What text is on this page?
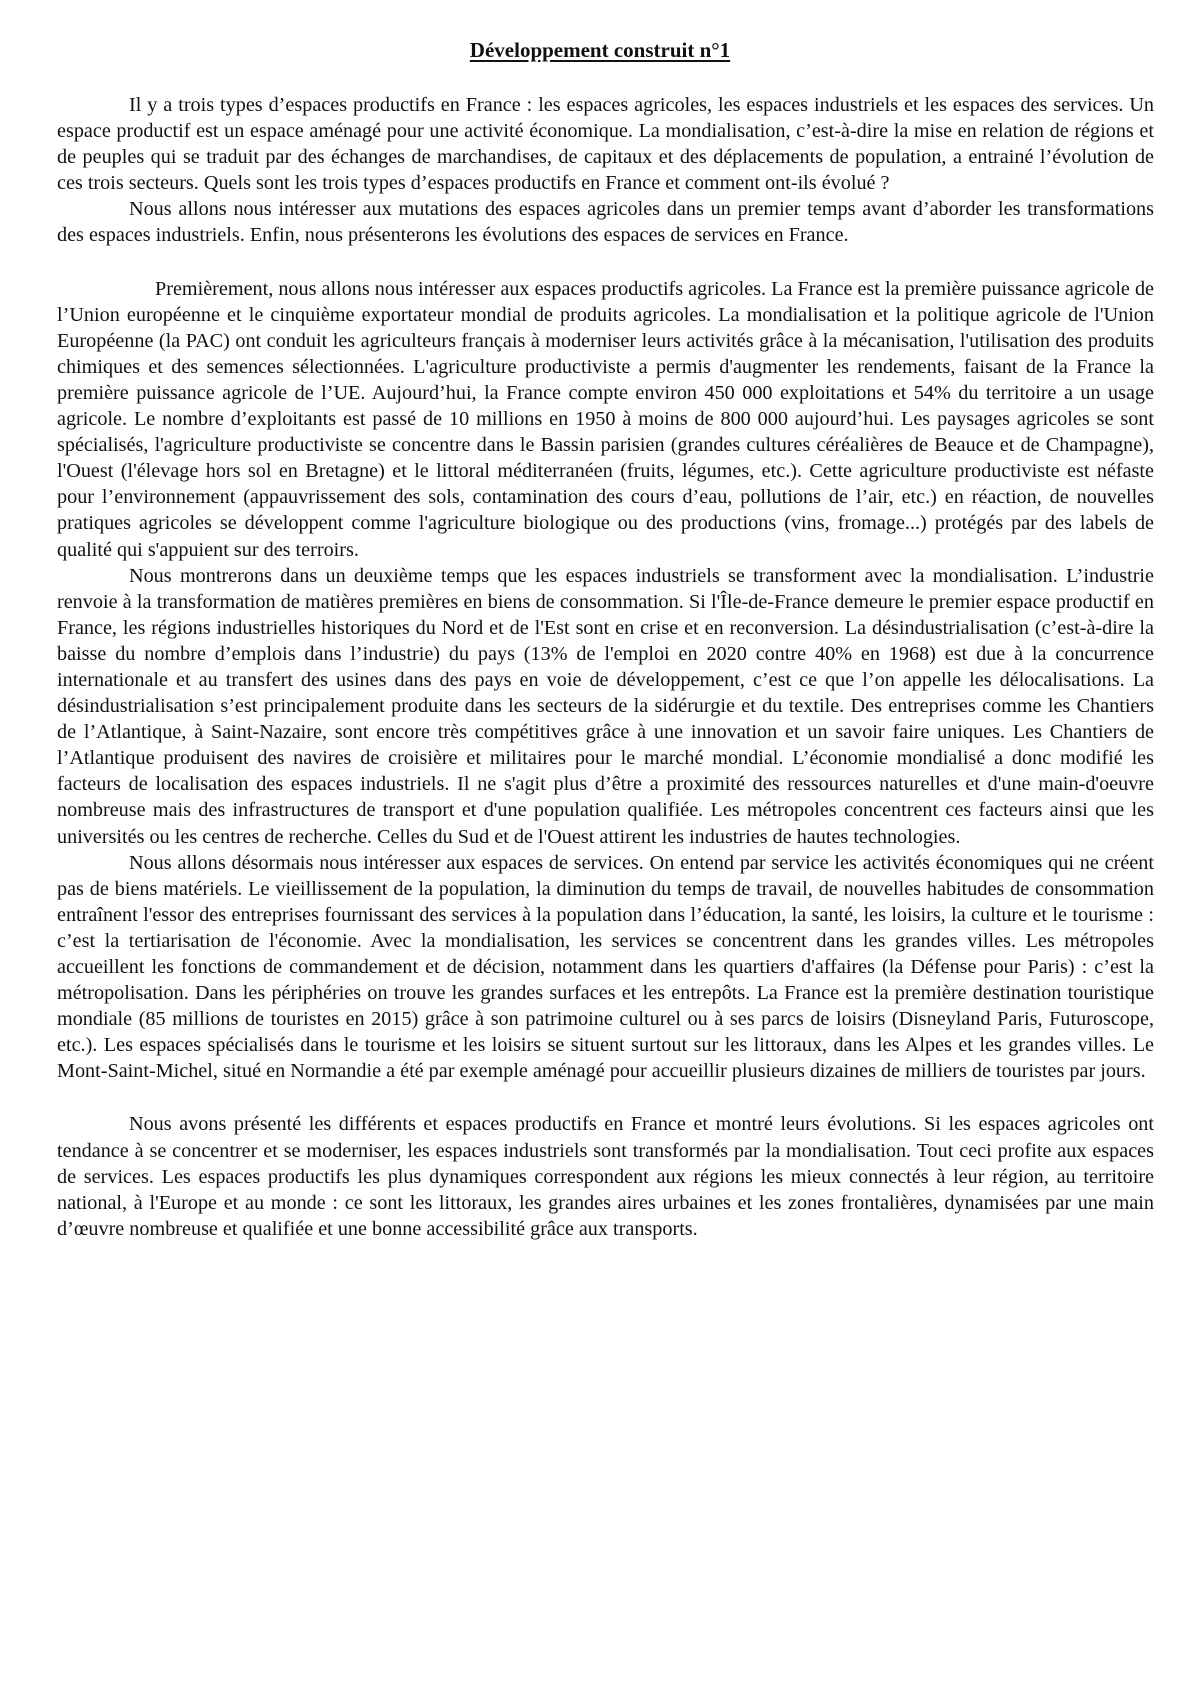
Développement construit n°1

Il y a trois types d’espaces productifs en France : les espaces agricoles, les espaces industriels et les espaces des services. Un espace productif est un espace aménagé pour une activité économique. La mondialisation, c’est-à-dire la mise en relation de régions et de peuples qui se traduit par des échanges de marchandises, de capitaux et des déplacements de population, a entrainé l’évolution de ces trois secteurs. Quels sont les trois types d’espaces productifs en France et comment ont-ils évolué ?

Nous allons nous intéresser aux mutations des espaces agricoles dans un premier temps avant d’aborder les transformations des espaces industriels. Enfin, nous présenterons les évolutions des espaces de services en France.

Premièrement, nous allons nous intéresser aux espaces productifs agricoles. La France est la première puissance agricole de l’Union européenne et le cinquième exportateur mondial de produits agricoles. La mondialisation et la politique agricole de l'Union Européenne (la PAC) ont conduit les agriculteurs français à moderniser leurs activités grâce à la mécanisation, l'utilisation des produits chimiques et des semences sélectionnées. L'agriculture productiviste a permis d'augmenter les rendements, faisant de la France la première puissance agricole de l’UE. Aujourd’hui, la France compte environ 450 000 exploitations et 54% du territoire a un usage agricole. Le nombre d’exploitants est passé de 10 millions en 1950 à moins de 800 000 aujourd’hui. Les paysages agricoles se sont spécialisés, l'agriculture productiviste se concentre dans le Bassin parisien (grandes cultures céréalières de Beauce et de Champagne), l'Ouest (l'élevage hors sol en Bretagne) et le littoral méditerranéen (fruits, légumes, etc.). Cette agriculture productiviste est néfaste pour l’environnement (appauvrissement des sols, contamination des cours d’eau, pollutions de l’air, etc.) en réaction, de nouvelles pratiques agricoles se développent comme l'agriculture biologique ou des productions (vins, fromage...) protégés par des labels de qualité qui s'appuient sur des terroirs.

Nous montrerons dans un deuxième temps que les espaces industriels se transforment avec la mondialisation. L’industrie renvoie à la transformation de matières premières en biens de consommation. Si l'Île-de-France demeure le premier espace productif en France, les régions industrielles historiques du Nord et de l'Est sont en crise et en reconversion. La désindustrialisation (c’est-à-dire la baisse du nombre d’emplois dans l’industrie) du pays (13% de l'emploi en 2020 contre 40% en 1968) est due à la concurrence internationale et au transfert des usines dans des pays en voie de développement, c’est ce que l’on appelle les délocalisations. La désindustrialisation s’est principalement produite dans les secteurs de la sidérurgie et du textile. Des entreprises comme les Chantiers de l’Atlantique, à Saint-Nazaire, sont encore très compétitives grâce à une innovation et un savoir faire uniques. Les Chantiers de l’Atlantique produisent des navires de croisière et militaires pour le marché mondial. L’économie mondialisé a donc modifié les facteurs de localisation des espaces industriels. Il ne s'agit plus d’être a proximité des ressources naturelles et d'une main-d'oeuvre nombreuse mais des infrastructures de transport et d'une population qualifiée. Les métropoles concentrent ces facteurs ainsi que les universités ou les centres de recherche. Celles du Sud et de l'Ouest attirent les industries de hautes technologies.

Nous allons désormais nous intéresser aux espaces de services. On entend par service les activités économiques qui ne créent pas de biens matériels. Le vieillissement de la population, la diminution du temps de travail, de nouvelles habitudes de consommation entraînent l'essor des entreprises fournissant des services à la population dans l’éducation, la santé, les loisirs, la culture et le tourisme : c’est la tertiarisation de l'économie. Avec la mondialisation, les services se concentrent dans les grandes villes. Les métropoles accueillent les fonctions de commandement et de décision, notamment dans les quartiers d'affaires (la Défense pour Paris) : c’est la métropolisation. Dans les périphéries on trouve les grandes surfaces et les entrepôts. La France est la première destination touristique mondiale (85 millions de touristes en 2015) grâce à son patrimoine culturel ou à ses parcs de loisirs (Disneyland Paris, Futuroscope, etc.). Les espaces spécialisés dans le tourisme et les loisirs se situent surtout sur les littoraux, dans les Alpes et les grandes villes. Le Mont-Saint-Michel, situé en Normandie a été par exemple aménagé pour accueillir plusieurs dizaines de milliers de touristes par jours.

Nous avons présenté les différents et espaces productifs en France et montré leurs évolutions. Si les espaces agricoles ont tendance à se concentrer et se moderniser, les espaces industriels sont transformés par la mondialisation. Tout ceci profite aux espaces de services. Les espaces productifs les plus dynamiques correspondent aux régions les mieux connectés à leur région, au territoire national, à l'Europe et au monde : ce sont les littoraux, les grandes aires urbaines et les zones frontalières, dynamisées par une main d’œuvre nombreuse et qualifiée et une bonne accessibilité grâce aux transports.
